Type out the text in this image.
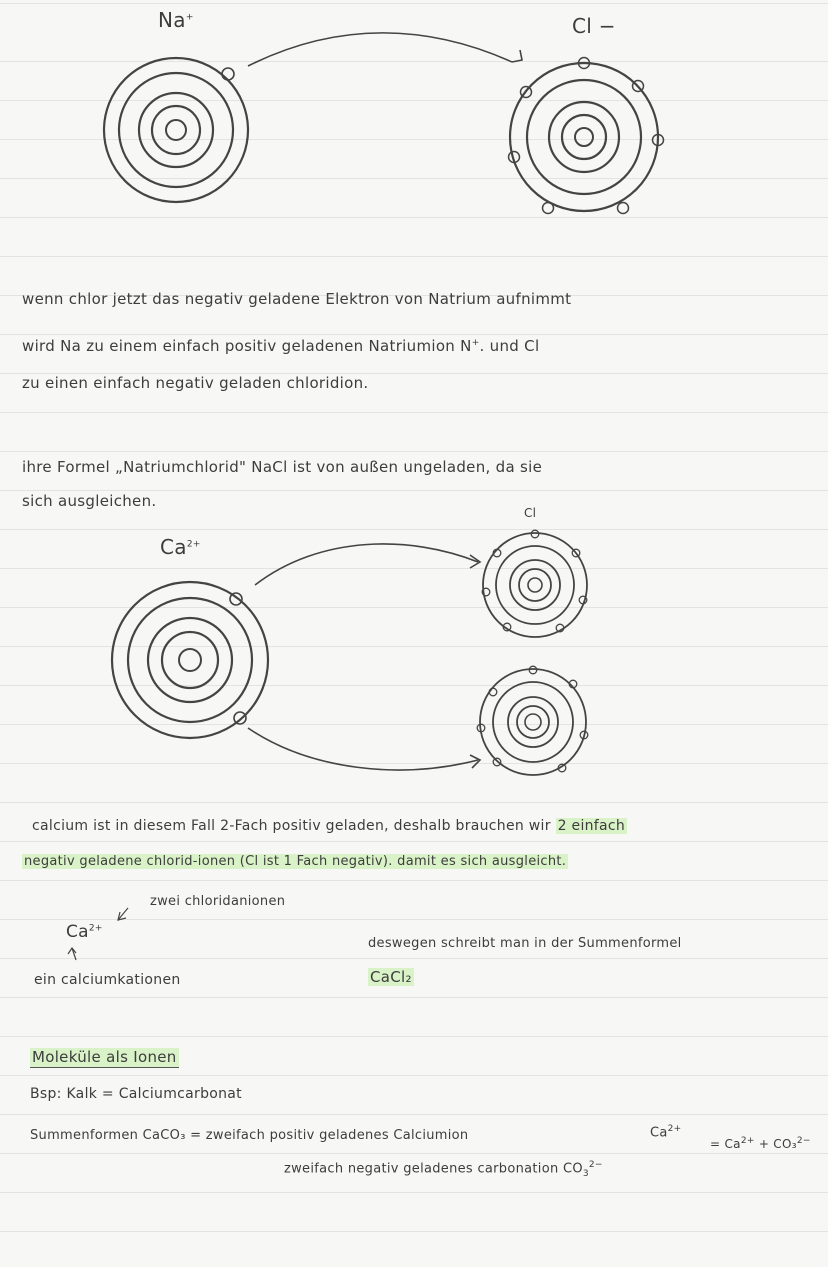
Na+	Cl −
wenn chlor jetzt das negativ geladene Elektron von Natrium aufnimmt
wird Na zu einem einfach positiv geladenen Natriumion N+. und Cl
zu einen einfach negativ geladen chloridion.
ihre Formel „Natriumchlorid" NaCl ist von außen ungeladen, da sie
sich ausgleichen.
$Ca^{2+}$
Cl
calcium ist in diesem Fall 2-Fach positiv geladen, deshalb brauchen wir 2 einfach
negativ geladene chlorid-ionen (Cl ist 1 Fach negativ). damit es sich ausgleicht.
zwei chloridanionen
$Ca^{2+}$
ein calciumkationen
deswegen schreibt man in der Summenformel
CaCl₂
Moleküle als Ionen
Bsp: Kalk = Calciumcarbonat
Summenformen CaCO₃ = zweifach positiv geladenes Calciumion	$Ca^{2+}$
= $Ca^{2+} + CO_3^{2-}$
zweifach negativ geladenes carbonation $CO_3^{2-}$
